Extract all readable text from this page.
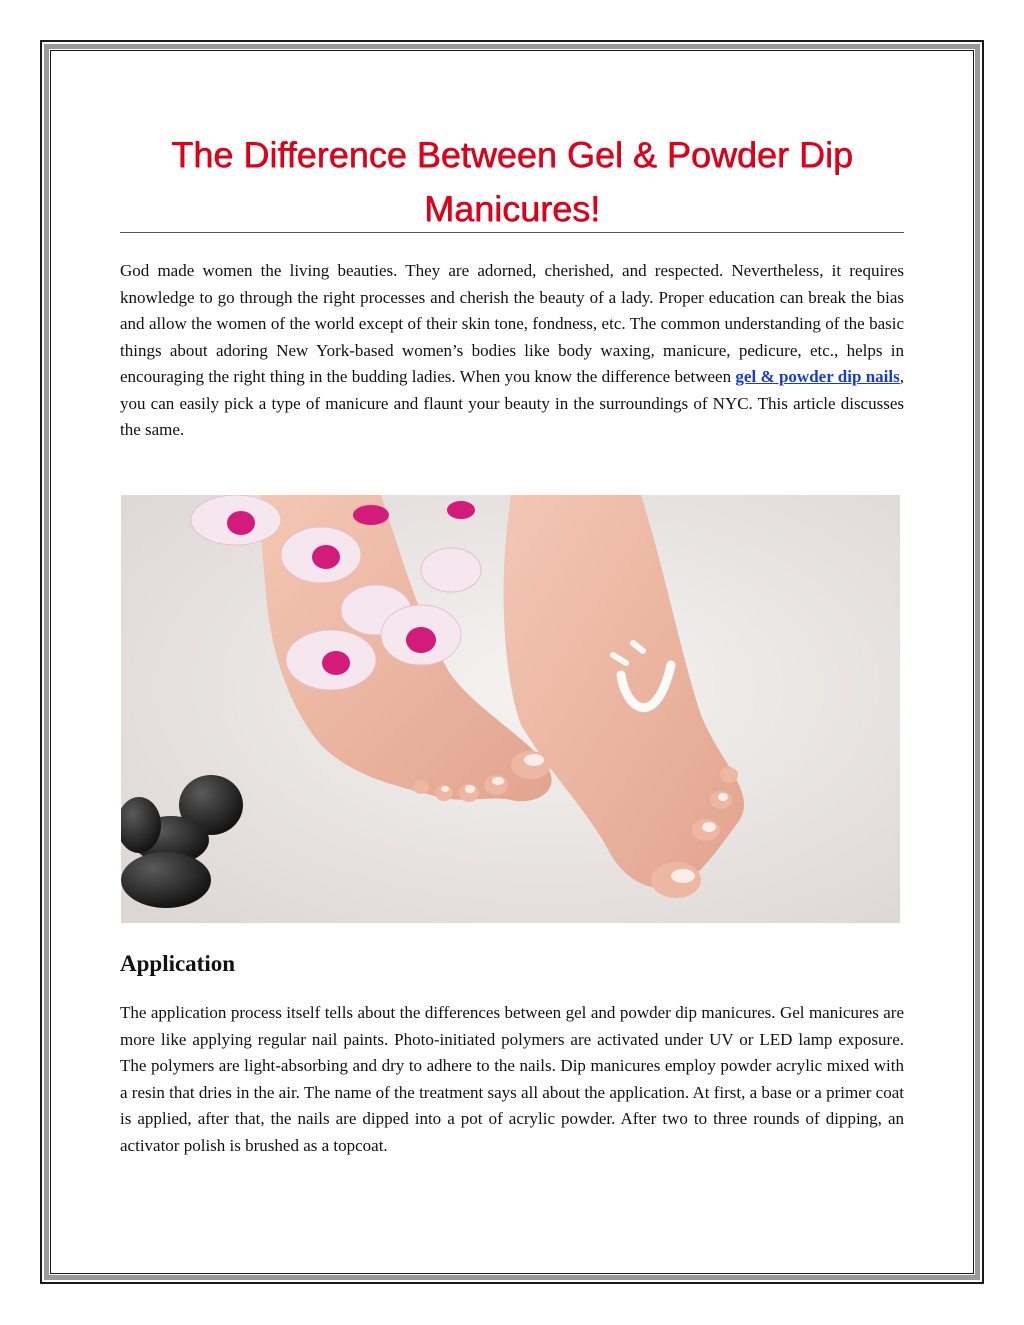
The Difference Between Gel & Powder Dip
Manicures!

God made women the living beauties. They are adorned, cherished, and respected. Nevertheless, it requires knowledge to go through the right processes and cherish the beauty of a lady. Proper education can break the bias and allow the women of the world except of their skin tone, fondness, etc. The common understanding of the basic things about adoring New York-based women’s bodies like body waxing, manicure, pedicure, etc., helps in encouraging the right thing in the budding ladies. When you know the difference between gel & powder dip nails, you can easily pick a type of manicure and flaunt your beauty in the surroundings of NYC. This article discusses the same.

Application

The application process itself tells about the differences between gel and powder dip manicures. Gel manicures are more like applying regular nail paints. Photo-initiated polymers are activated under UV or LED lamp exposure. The polymers are light-absorbing and dry to adhere to the nails. Dip manicures employ powder acrylic mixed with a resin that dries in the air. The name of the treatment says all about the application. At first, a base or a primer coat is applied, after that, the nails are dipped into a pot of acrylic powder. After two to three rounds of dipping, an activator polish is brushed as a topcoat.
